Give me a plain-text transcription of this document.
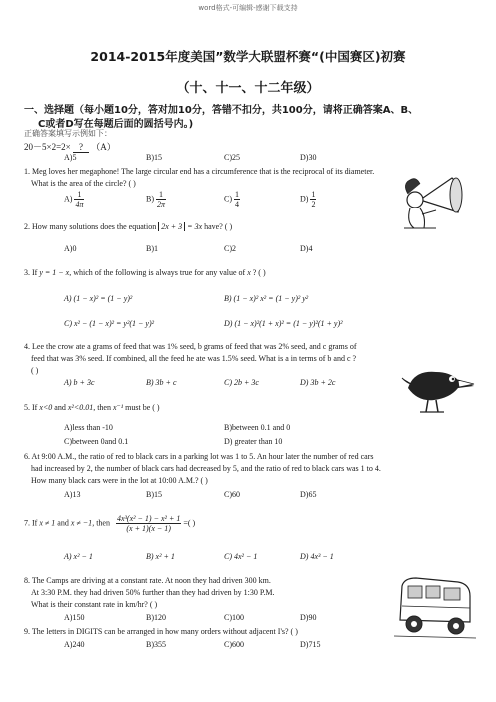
word格式-可编辑-感谢下载支持
2014-2015年度美国”数学大联盟杯赛“(中国赛区)初赛
（十、十一、十二年级）
一、选择题（每小题10分，答对加10分，答错不扣分，共100分，请将正确答案A、B、
C或者D写在每题后面的圆括号内。)
正确答案填写示例如下：
20－5×2=2× ? （A）
A)5	B)15	C)25	D)30
1. Meg loves her megaphone! The large circular end has a circumference that is the reciprocal of its diameter.
What is the area of the circle? ( )
$A) \frac{1}{4\pi}$	$B) \frac{1}{2\pi}$	$C) \frac{1}{4}$	$D) \frac{1}{2}$
2. How many solutions does the equation 2x + 3 = 3x have? ( )
A)0	B)1	C)2	D)4
3. If y = 1 − x, which of the following is always true for any value of x ? ( )
A) (1 − x)² = (1 − y)²	B) (1 − x)² x² = (1 − y)² y²
C) x² − (1 − x)² = y²(1 − y)²	D) (1 − x)²(1 + x)² = (1 − y)²(1 + y)²
4. Lee the crow ate a grams of feed that was 1% seed, b grams of feed that was 2% seed, and c grams of
feed that was 3% seed. If combined, all the feed he ate was 1.5% seed. What is a in terms of b and c ?
( )
A) b + 3c	B) 3b + c	C) 2b + 3c	D) 3b + 2c
5. If x<0 and x²<0.01, then x⁻¹ must be ( )
A)less than -10	B)between 0.1 and 0
C)between 0and 0.1	D) greater than 10
6. At 9:00 A.M., the ratio of red to black cars in a parking lot was 1 to 5. An hour later the number of red cars
had increased by 2, the number of black cars had decreased by 5, and the ratio of red to black cars was 1 to 4.
How many black cars were in the lot at 10:00 A.M.? ( )
A)13	B)15	C)60	D)65
7. If x ≠ 1 and x ≠ −1, then $\frac{\text{4x³(x² − 1) − x² + 1}}{(x + 1)(x - 1)}$ =( )
A) x² − 1	B) x² + 1	C) 4x² − 1	D) 4x³ − 1
8. The Camps are driving at a constant rate. At noon they had driven 300 km.
At 3:30 P.M. they had driven 50% further than they had driven by 1:30 P.M.
What is their constant rate in km/hr? ( )
A)150	B)120	C)100	D)90
9. The letters in DIGITS can be arranged in how many orders without adjacent I's? ( )
A)240	B)355	C)600	D)715
